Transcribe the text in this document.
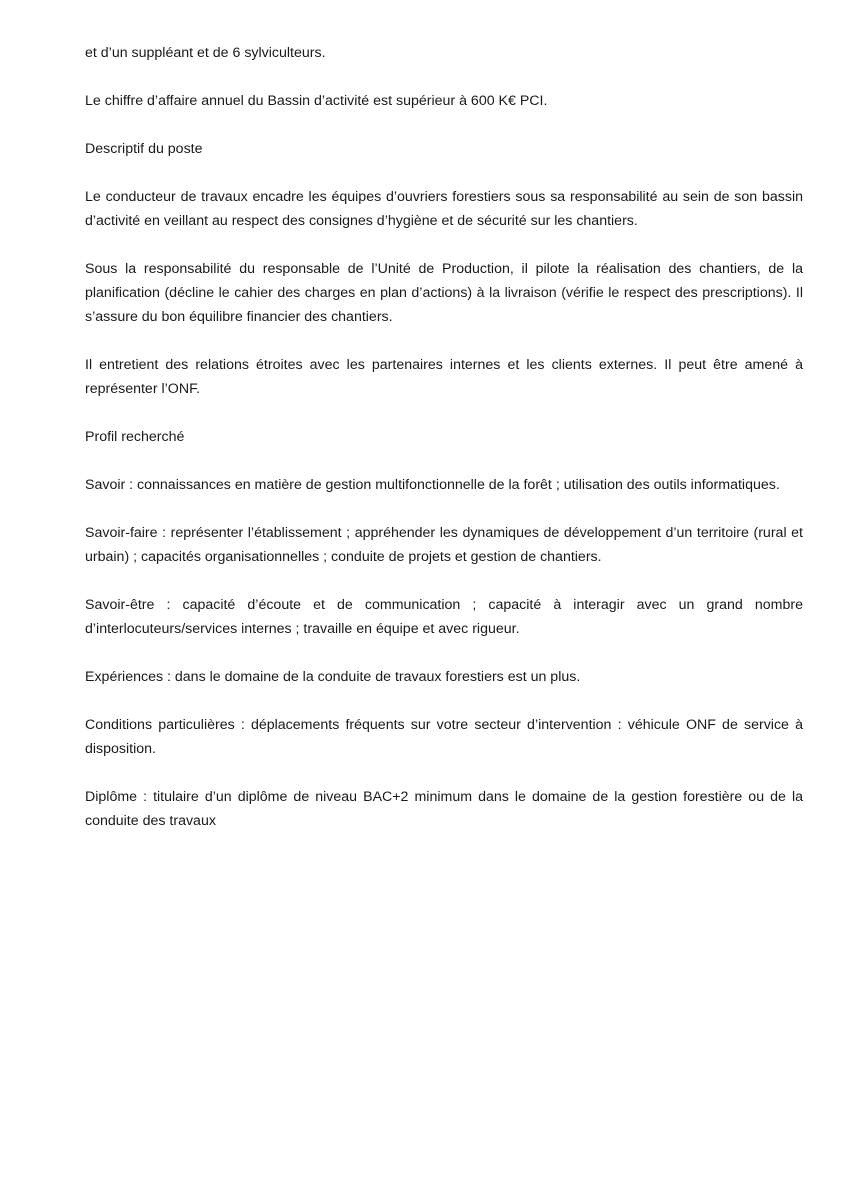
et d’un suppléant et de 6 sylviculteurs.

Le chiffre d’affaire annuel du Bassin d’activité est supérieur à 600 K€ PCI.

Descriptif du poste

Le conducteur de travaux encadre les équipes d’ouvriers forestiers sous sa responsabilité au sein de son bassin d’activité en veillant au respect des consignes d’hygiène et de sécurité sur les chantiers.

Sous la responsabilité du responsable de l’Unité de Production, il pilote la réalisation des chantiers, de la planification (décline le cahier des charges en plan d’actions) à la livraison (vérifie le respect des prescriptions). Il s’assure du bon équilibre financier des chantiers.

Il entretient des relations étroites avec les partenaires internes et les clients externes. Il peut être amené à représenter l’ONF.

Profil recherché

Savoir : connaissances en matière de gestion multifonctionnelle de la forêt ; utilisation des outils informatiques.

Savoir-faire : représenter l’établissement ; appréhender les dynamiques de développement d’un territoire (rural et urbain) ; capacités organisationnelles ; conduite de projets et gestion de chantiers.

Savoir-être : capacité d’écoute et de communication ; capacité à interagir avec un grand nombre d’interlocuteurs/services internes ; travaille en équipe et avec rigueur.

Expériences : dans le domaine de la conduite de travaux forestiers est un plus.

Conditions particulières : déplacements fréquents sur votre secteur d’intervention : véhicule ONF de service à disposition.

Diplôme : titulaire d’un diplôme de niveau BAC+2 minimum dans le domaine de la gestion forestière ou de la conduite des travaux
